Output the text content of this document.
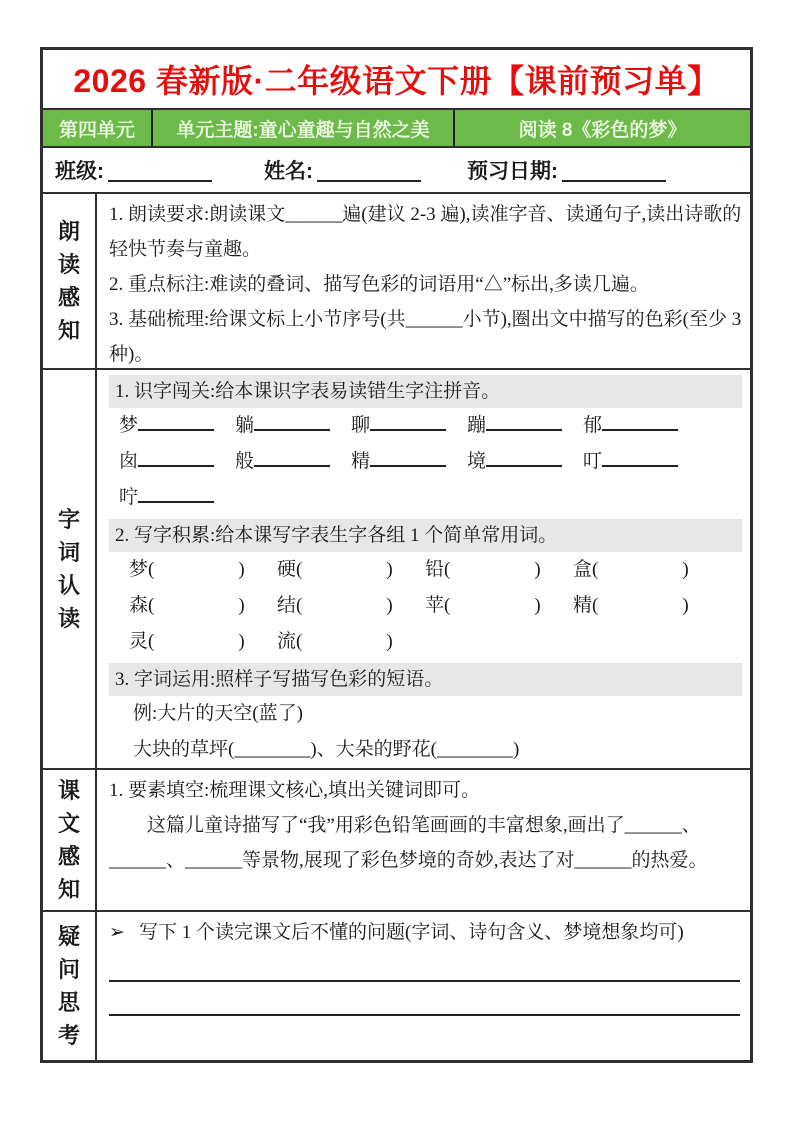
2026 春新版·二年级语文下册【课前预习单】
第四单元	单元主题:童心童趣与自然之美	阅读 8《彩色的梦》
班级:	姓名:	预习日期:
朗读感知

1. 朗读要求:朗读课文______遍(建议 2-3 遍),读准字音、读通句子,读出诗歌的轻快节奏与童趣。

2. 重点标注:难读的叠词、描写色彩的词语用“△”标出,多读几遍。

3. 基础梳理:给课文标上小节序号(共______小节),圈出文中描写的色彩(至少 3 种)。

字词认读
1. 识字闯关:给本课识字表易读错生字注拼音。
梦	躺	聊	蹦	郁
囱	般	精	境	叮
咛
2. 写字积累:给本课写字表生字各组 1 个简单常用词。
梦(	) 硬(	) 铅(	) 盒(	)
森(	) 结(	) 苹(	) 精(	)
灵(	) 流(	)
3. 字词运用:照样子写描写色彩的短语。
例:大片的天空(蓝了)
大块的草坪(________)、大朵的野花(________)
课文感知

1. 要素填空:梳理课文核心,填出关键词即可。

这篇儿童诗描写了“我”用彩色铅笔画画的丰富想象,画出了______、______、______等景物,展现了彩色梦境的奇妙,表达了对______的热爱。

疑问思考
➢ 写下 1 个读完课文后不懂的问题(字词、诗句含义、梦境想象均可)
